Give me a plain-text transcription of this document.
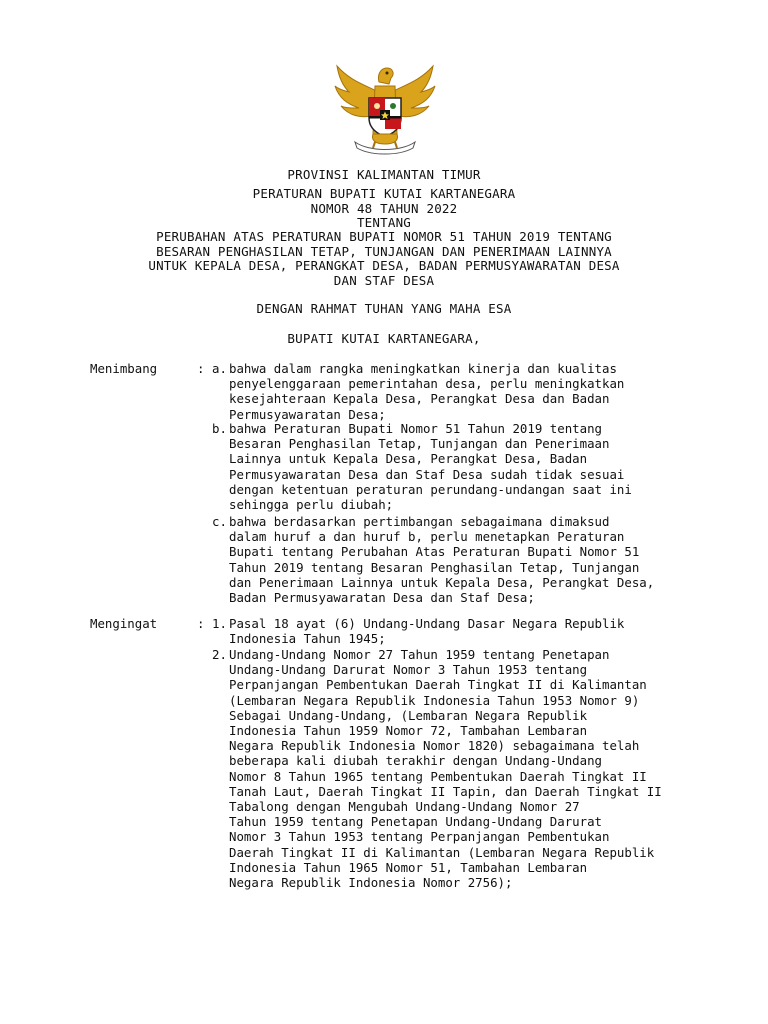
PROVINSI KALIMANTAN TIMUR
PERATURAN BUPATI KUTAI KARTANEGARA
NOMOR 48 TAHUN 2022
TENTANG
PERUBAHAN ATAS PERATURAN BUPATI NOMOR 51 TAHUN 2019 TENTANG
BESARAN PENGHASILAN TETAP, TUNJANGAN DAN PENERIMAAN LAINNYA
UNTUK KEPALA DESA, PERANGKAT DESA, BADAN PERMUSYAWARATAN DESA
DAN STAF DESA
DENGAN RAHMAT TUHAN YANG MAHA ESA
BUPATI KUTAI KARTANEGARA,
Menimbang	: a. bahwa dalam rangka meningkatkan kinerja dan kualitas
penyelenggaraan pemerintahan desa, perlu meningkatkan
kesejahteraan Kepala Desa, Perangkat Desa dan Badan
Permusyawaratan Desa;
b. bahwa Peraturan Bupati Nomor 51 Tahun 2019 tentang
Besaran Penghasilan Tetap, Tunjangan dan Penerimaan
Lainnya untuk Kepala Desa, Perangkat Desa, Badan
Permusyawaratan Desa dan Staf Desa sudah tidak sesuai
dengan ketentuan peraturan perundang-undangan saat ini
sehingga perlu diubah;
c. bahwa berdasarkan pertimbangan sebagaimana dimaksud
dalam huruf a dan huruf b, perlu menetapkan Peraturan
Bupati tentang Perubahan Atas Peraturan Bupati Nomor 51
Tahun 2019 tentang Besaran Penghasilan Tetap, Tunjangan
dan Penerimaan Lainnya untuk Kepala Desa, Perangkat Desa,
Badan Permusyawaratan Desa dan Staf Desa;
Mengingat	: 1. Pasal 18 ayat (6) Undang-Undang Dasar Negara Republik
Indonesia Tahun 1945;
2. Undang-Undang Nomor 27 Tahun 1959 tentang Penetapan
Undang-Undang Darurat Nomor 3 Tahun 1953 tentang
Perpanjangan Pembentukan Daerah Tingkat II di Kalimantan
(Lembaran Negara Republik Indonesia Tahun 1953 Nomor 9)
Sebagai Undang-Undang, (Lembaran Negara Republik
Indonesia Tahun 1959 Nomor 72, Tambahan Lembaran
Negara Republik Indonesia Nomor 1820) sebagaimana telah
beberapa kali diubah terakhir dengan Undang-Undang
Nomor 8 Tahun 1965 tentang Pembentukan Daerah Tingkat II
Tanah Laut, Daerah Tingkat II Tapin, dan Daerah Tingkat II
Tabalong dengan Mengubah Undang-Undang Nomor 27
Tahun 1959 tentang Penetapan Undang-Undang Darurat
Nomor 3 Tahun 1953 tentang Perpanjangan Pembentukan
Daerah Tingkat II di Kalimantan (Lembaran Negara Republik
Indonesia Tahun 1965 Nomor 51, Tambahan Lembaran
Negara Republik Indonesia Nomor 2756);
